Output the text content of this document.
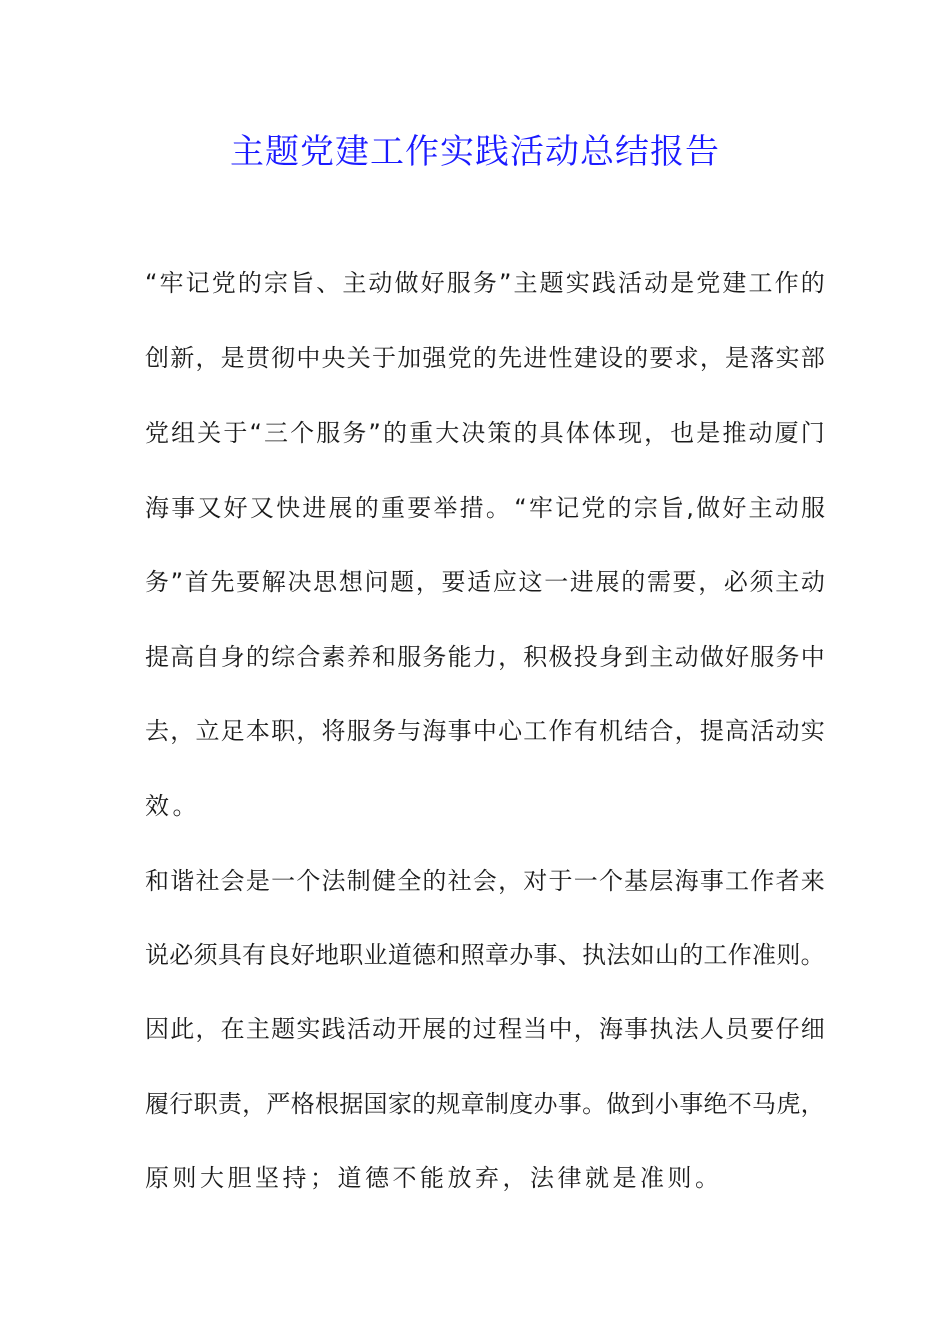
主题党建工作实践活动总结报告
“ 牢 记 党 的 宗 旨 、 主 动 做 好 服 务 ” 主 题 实 践 活 动 是 党 建 工 作 的
创 新 ， 是 贯 彻 中 央 关 于 加 强 党 的 先 进 性 建 设 的 要 求 ， 是 落 实 部
党 组 关 于 “ 三 个 服 务 ” 的 重 大 决 策 的 具 体 体 现 ， 也 是 推 动 厦 门
海 事 又 好 又 快 进 展 的 重 要 举 措 。 “ 牢 记 党 的 宗 旨 , 做 好 主 动 服
务 ” 首 先 要 解 决 思 想 问 题 ， 要 适 应 这 一 进 展 的 需 要 ， 必 须 主 动
提 高 自 身 的 综 合 素 养 和 服 务 能 力 ， 积 极 投 身 到 主 动 做 好 服 务 中
去 ， 立 足 本 职 ， 将 服 务 与 海 事 中 心 工 作 有 机 结 合 ， 提 高 活 动 实
效。
和 谐 社 会 是 一 个 法 制 健 全 的 社 会 ， 对 于 一 个 基 层 海 事 工 作 者 来
说 必 须 具 有 良 好 地 职 业 道 德 和 照 章 办 事 、 执 法 如 山 的 工 作 准 则 。
因 此 ， 在 主 题 实 践 活 动 开 展 的 过 程 当 中 ， 海 事 执 法 人 员 要 仔 细
履 行 职 责 ， 严 格 根 据 国 家 的 规 章 制 度 办 事 。 做 到 小 事 绝 不 马 虎 ，
原则大胆坚持；道德不能放弃，法律就是准则。
